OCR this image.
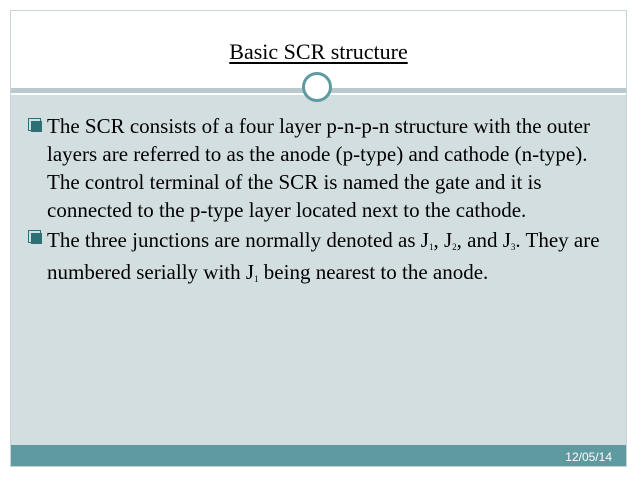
Basic SCR structure

The SCR consists of a four layer p-n-p-n structure with the outer layers are referred to as the anode (p-type) and cathode (n-type). The control terminal of the SCR is named the gate and it is connected to the p-type layer located next to the cathode.

The three junctions are normally denoted as $J_1$, $J_2$, and $J_3$. They are numbered serially with $J_1$ being nearest to the anode.

12/05/14
